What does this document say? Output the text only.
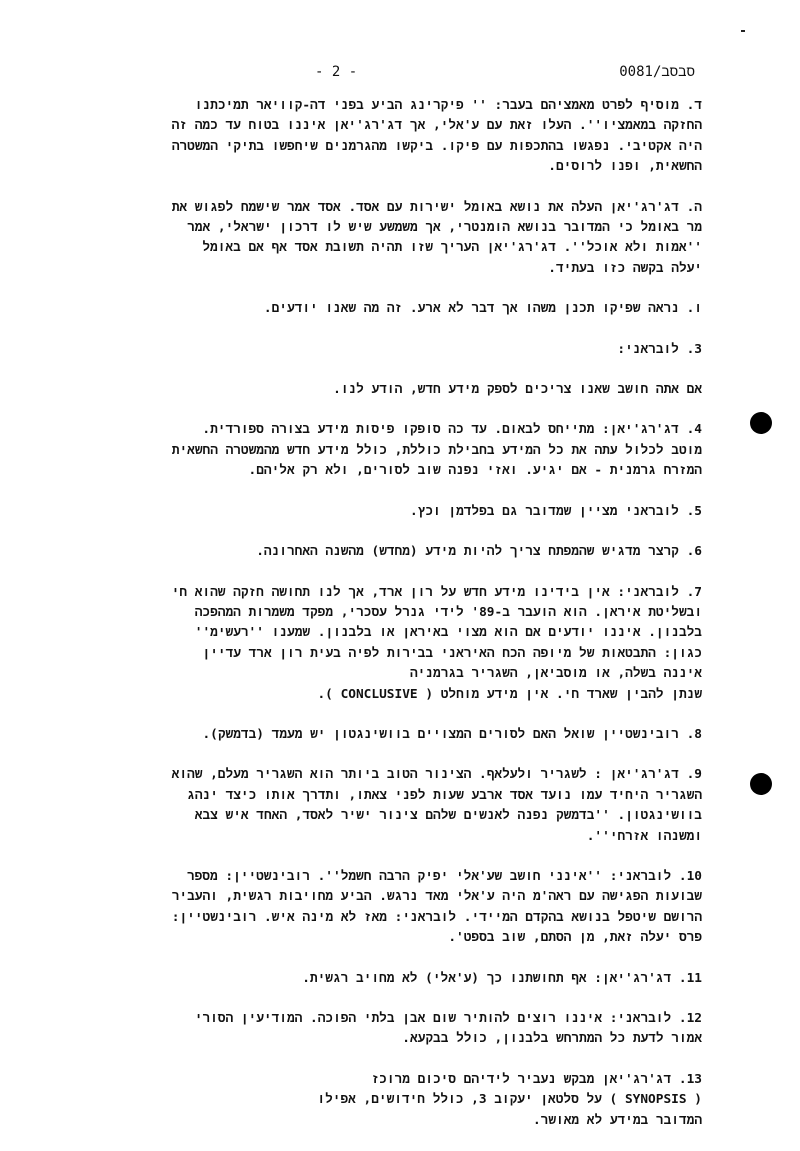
סבסב/0081
- 2 -

ד. מוסיף לפרט מאמציהם בעבר: '' פיקרינג הביע בפני דה-קוויאר תמיכתנו
החזקה במאמציו''. העלו זאת עם ע'אלי, אך דג'רג'יאן איננו בטוח עד כמה זה
היה אקטיבי. נפגשו בהתכפות עם פיקו. ביקשו מהגרמנים שיחפשו בתיקי המשטרה
החשאית, ופנו לרוסים.

ה. דג'רג'יאן העלה את נושא באומל ישירות עם אסד. אסד אמר שישמח לפגוש את
מר באומל כי המדובר בנושא הומנטרי, אך משמשע שיש לו דרכון ישראלי, אמר
''אמות ולא אוכל''. דג'רג'יאן העריך שזו תהיה תשובת אסד אף אם באומל
יעלה בקשה כזו בעתיד.

ו. נראה שפיקו תכנן משהו אך דבר לא ארע. זה מה שאנו יודעים.

3. לובראני:

אם אתה חושב שאנו צריכים לספק מידע חדש, הודע לנו.

4. דג'רג'יאן: מתייחס לבאום. עד כה סופקו פיסות מידע בצורה ספורדית.
מוטב לכלול עתה את כל המידע בחבילת כוללת, כולל מידע חדש מהמשטרה החשאית
המזרח גרמנית - אם יגיע. ואזי נפנה שוב לסורים, ולא רק אליהם.

5. לובראני מציין שמדובר גם בפלדמן וכץ.

6. קרצר מדגיש שהמפתח צריך להיות מידע (מחדש) מהשנה האחרונה.

7. לובראני: אין בידינו מידע חדש על רון ארד, אך לנו תחושה חזקה שהוא חי
ובשליטת איראן. הוא הועבר ב-89' לידי גנרל עסכרי, מפקד משמרות המהפכה
בלבנון. איננו יודעים אם הוא מצוי באיראן או בלבנון. שמענו ''רעשימ''
כגון: התבטאות של מיופה הכח האיראני בבירות לפיה בעית רון ארד עדיין
איננה בשלה, או מוסביאן, השגריר בגרמניה
שנתן להבין שארד חי. אין מידע מוחלט ( CONCLUSIVE ).

8. רובינשטיין שואל האם לסורים המצויים בוושינגטון יש מעמד (בדמשק).

9. דג'רג'יאן : לשגריר ולעלאף. הצינור הטוב ביותר הוא השגריר מעלם, שהוא
השגריר היחיד עמו נועד אסד ארבע שעות לפני צאתו, ותדרך אותו כיצד ינהג
בוושינגטון. ''בדמשק נפנה לאנשים שלהם צינור ישיר לאסד, האחד איש צבא
ומשנהו אזרחי''.

10. לובראני: ''אינני חושב שע'אלי יפיק הרבה חשמל''. רובינשטיין: מספר
שבועות הפגישה עם ראה'מ היה ע'אלי מאד נרגש. הביע מחויבות רגשית, והעביר
הרושם שיטפל בנושא בהקדם המיידי. לובראני: מאז לא מינה איש. רובינשטיין:
פרס יעלה זאת, מן הסתם, שוב בספט'.

11. דג'רג'יאן: אף תחושתנו כך (ע'אלי) לא מחויב רגשית.

12. לובראני: איננו רוצים להותיר שום אבן בלתי הפוכה. המודיעין הסורי
אמור לדעת כל המתרחש בלבנון, כולל בבקעא.

13. דג'רג'יאן מבקש נעביר לידיהם סיכום מרוכז
( SYNOPSIS ) על סלטאן יעקוב 3, כולל חידושים, אפילו
המדובר במידע לא מאושר.
